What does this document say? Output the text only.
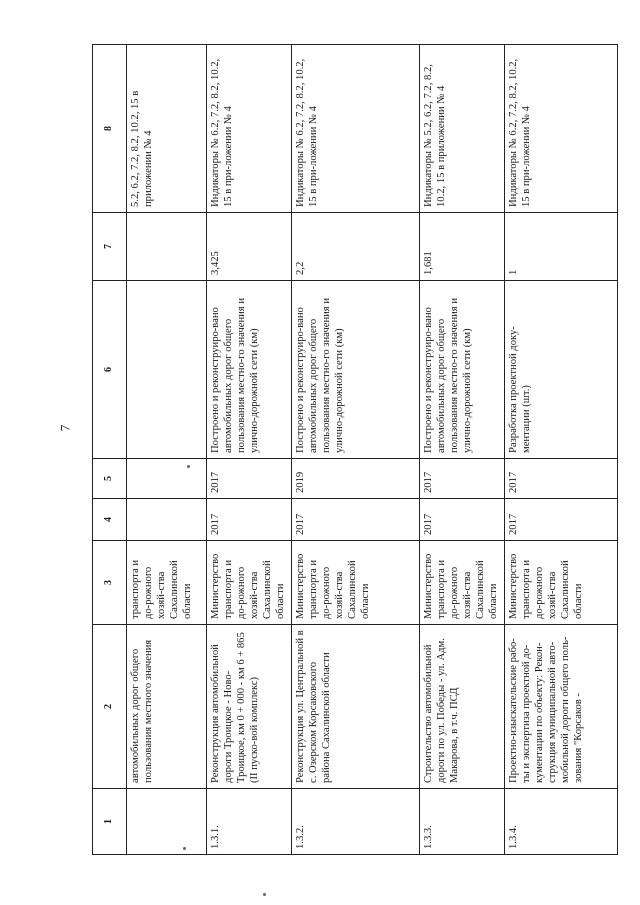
7
1	2	3	4	5	6	7	8
	автомобильных дорог общего пользования местного значения	транспорта и до-рожного хозяй-ства Сахалинской области					5.2, 6.2, 7.2, 8.2, 10.2, 15 в приложении № 4
1.3.1.	Реконструкция автомобильной дороги Троицкое - Ново-Троицкое, км 0 + 000 - км 6 + 865 (II пуско-вой комплекс)	Министерство транспорта и до-рожного хозяй-ства Сахалинской области	2017	2017	Построено и реконструиро-вано автомобильных дорог общего пользования местно-го значения и улично-дорожной сети (км)	3,425	Индикаторы № 6.2, 7.2, 8.2, 10.2, 15 в при-ложении № 4
1.3.2.	Реконструкция ул. Центральной в с. Озерском Корсаковского района Сахалинской области	Министерство транспорта и до-рожного хозяй-ства Сахалинской области	2017	2019	Построено и реконструиро-вано автомобильных дорог общего пользования местно-го значения и улично-дорожной сети (км)	2,2	Индикаторы № 6.2, 7.2, 8.2, 10.2, 15 в при-ложении № 4
1.3.3.	Строительство автомобильной дороги по ул. Победы - ул. Адм. Макарова, в т.ч. ПСД	Министерство транспорта и до-рожного хозяй-ства Сахалинской области	2017	2017	Построено и реконструиро-вано автомобильных дорог общего пользования местно-го значения и улично-дорожной сети (км)	1,681	Индикаторы № 5.2, 6.2, 7.2, 8.2, 10.2, 15 в приложении № 4
1.3.4.	Проектно-изыскательские рабо-ты и экспертиза проектной до-кументации по объекту: Рекон-струкция муниципальной авто-мобильной дороги общего поль-зования "Корсаков -	Министерство транспорта и до-рожного хозяй-ства Сахалинской области	2017	2017	Разработка проектной доку-ментации (шт.)	1	Индикаторы № 6.2, 7.2, 8.2, 10.2, 15 в при-ложении № 4
